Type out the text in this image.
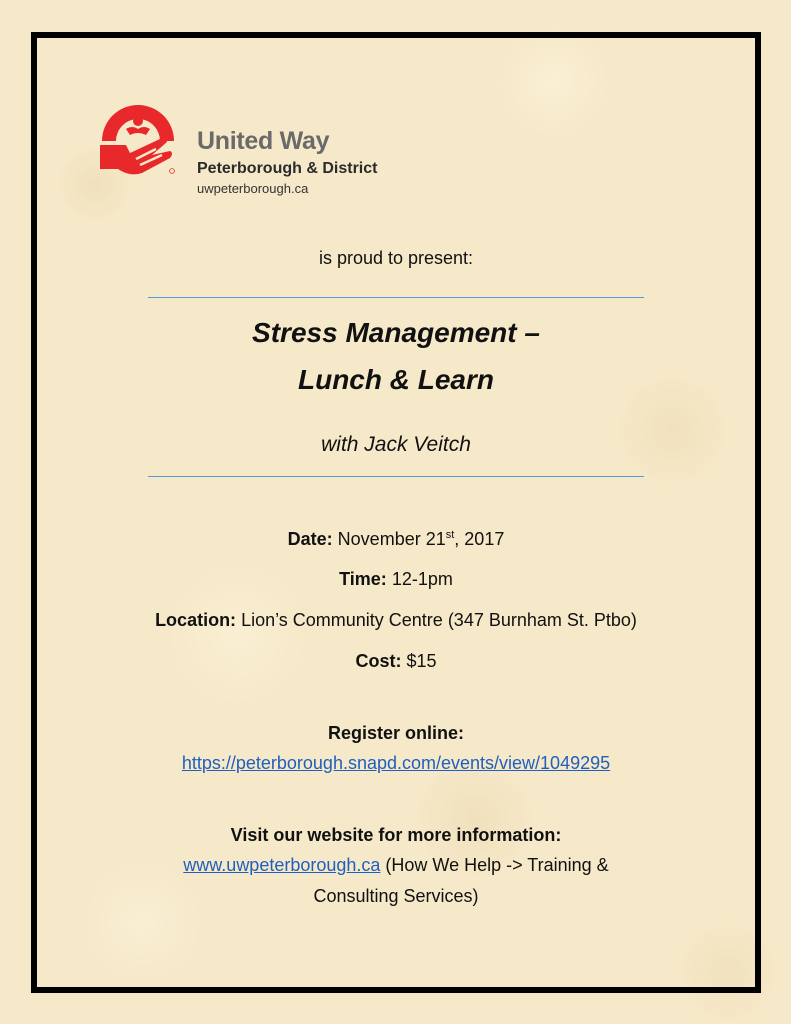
United Way
Peterborough & District
uwpeterborough.ca
is proud to present:
Stress Management –
Lunch & Learn
with Jack Veitch
Date: November 21st, 2017
Time: 12-1pm
Location: Lion’s Community Centre (347 Burnham St. Ptbo)
Cost: $15
Register online:
https://peterborough.snapd.com/events/view/1049295
Visit our website for more information:
www.uwpeterborough.ca (How We Help -> Training &
Consulting Services)
